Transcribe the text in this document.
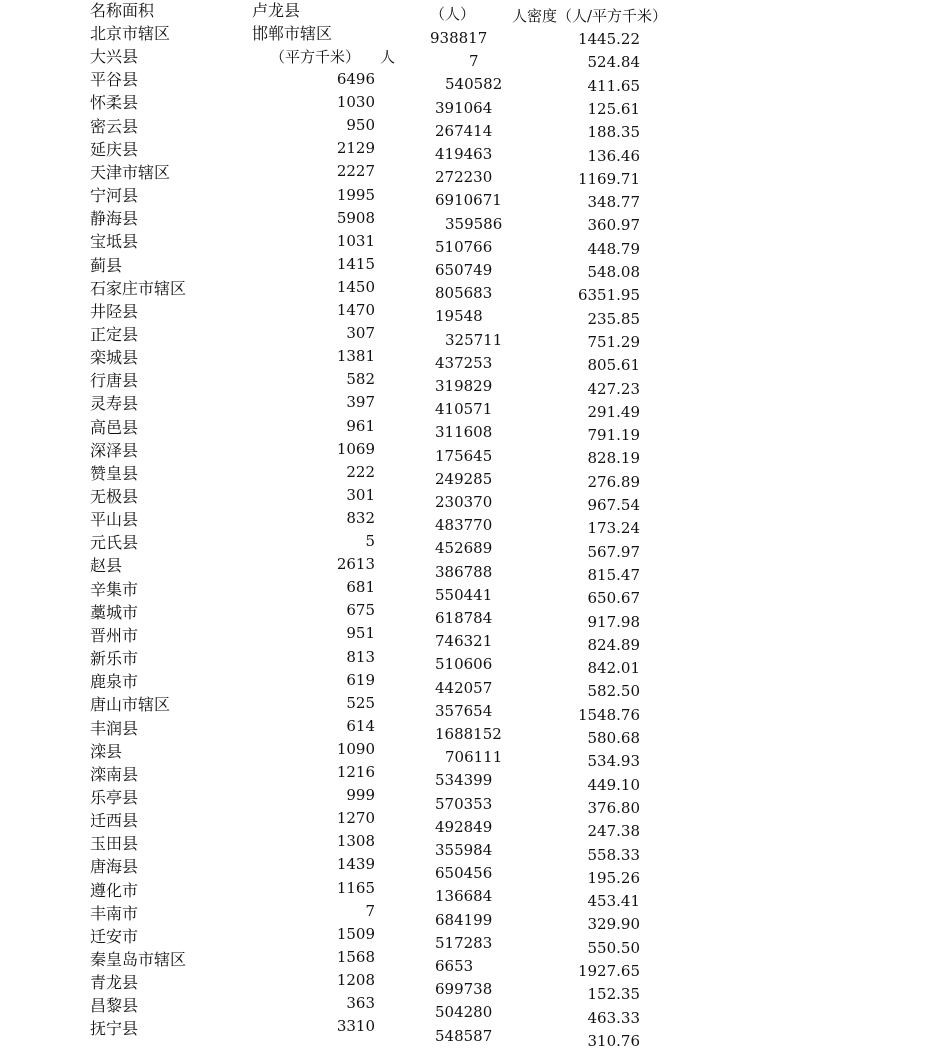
名称面积	卢龙县	（人） 人密度（人/平方千米）
邯郸市辖区
（平方千米） 人
北京市辖区
大兴县
平谷县
怀柔县
密云县
延庆县
天津市辖区
宁河县
静海县
宝坻县
蓟县
石家庄市辖区
井陉县
正定县
栾城县
行唐县
灵寿县
高邑县
深泽县
赞皇县
无极县
平山县
元氏县
赵县
辛集市
藁城市
晋州市
新乐市
鹿泉市
唐山市辖区
丰润县
滦县
滦南县
乐亭县
迁西县
玉田县
唐海县
遵化市
丰南市
迁安市
秦皇岛市辖区
青龙县
昌黎县
抚宁县
6496
1030
950
2129
2227
1995
5908
1031
1415
1450
1470
307
1381
582
397
961
1069
222
301
832
5
2613
681
675
951
813
619
525
614
1090
1216
999
1270
1308
1439
1165
7
1509
1568
1208
363
3310
938817
7
540582
391064
267414
419463
272230
6910671
359586
510766
650749
805683
19548
325711
437253
319829
410571
311608
175645
249285
230370
483770
452689
386788
550441
618784
746321
510606
442057
357654
1688152
706111
534399
570353
492849
355984
650456
136684
684199
517283
6653
699738
504280
548587
1445.22
524.84
411.65
125.61
188.35
136.46
1169.71
348.77
360.97
448.79
548.08
6351.95
235.85
751.29
805.61
427.23
291.49
791.19
828.19
276.89
967.54
173.24
567.97
815.47
650.67
917.98
824.89
842.01
582.50
1548.76
580.68
534.93
449.10
376.80
247.38
558.33
195.26
453.41
329.90
550.50
1927.65
152.35
463.33
310.76
